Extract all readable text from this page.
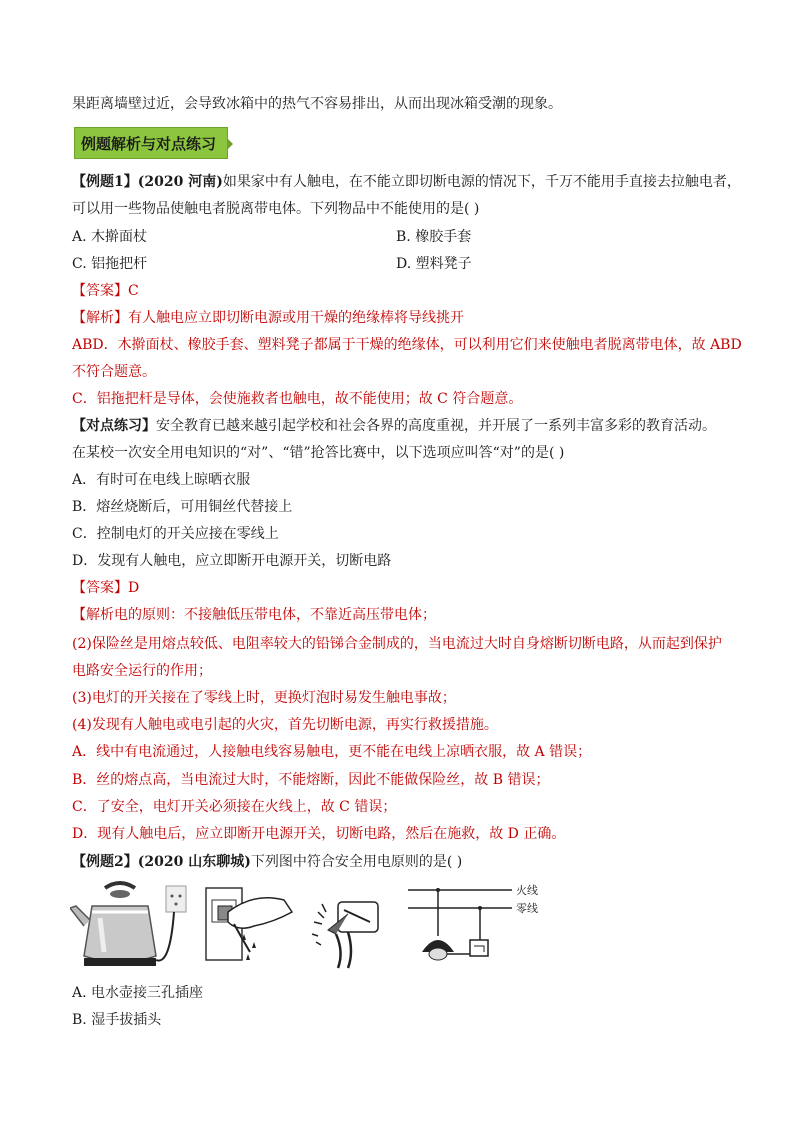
果距离墙壁过近，会导致冰箱中的热气不容易排出，从而出现冰箱受潮的现象。
例题解析与对点练习
【例题1】(2020 河南)如果家中有人触电，在不能立即切断电源的情况下，千万不能用手直接去拉触电者，
可以用一些物品使触电者脱离带电体。下列物品中不能使用的是( )
A. 木擀面杖	B. 橡胶手套
C. 铝拖把杆	D. 塑料凳子
【答案】C
【解析】有人触电应立即切断电源或用干燥的绝缘棒将导线挑开
ABD．木擀面杖、橡胶手套、塑料凳子都属于干燥的绝缘体，可以利用它们来使触电者脱离带电体，故 ABD
不符合题意。
C．铝拖把杆是导体，会使施救者也触电，故不能使用；故 C 符合题意。
【对点练习】安全教育已越来越引起学校和社会各界的高度重视，并开展了一系列丰富多彩的教育活动。
在某校一次安全用电知识的“对”、“错”抢答比赛中，以下选项应叫答“对”的是( )
A．有时可在电线上晾晒衣服
B．熔丝烧断后，可用铜丝代替接上
C．控制电灯的开关应接在零线上
D．发现有人触电，应立即断开电源开关，切断电路
【答案】D
【解析电的原则：不接触低压带电体，不靠近高压带电体；
(2)保险丝是用熔点较低、电阻率较大的铅锑合金制成的，当电流过大时自身熔断切断电路，从而起到保护
电路安全运行的作用；
(3)电灯的开关接在了零线上时，更换灯泡时易发生触电事故；
(4)发现有人触电或电引起的火灾，首先切断电源，再实行救援措施。
A．线中有电流通过，人接触电线容易触电，更不能在电线上凉晒衣服，故 A 错误；
B．丝的熔点高，当电流过大时，不能熔断，因此不能做保险丝，故 B 错误；
C．了安全，电灯开关必须接在火线上，故 C 错误；
D．现有人触电后，应立即断开电源开关，切断电路，然后在施救，故 D 正确。
【例题2】(2020 山东聊城)下列图中符合安全用电原则的是( )
火线
零线
A. 电水壶接三孔插座
B. 湿手拔插头
